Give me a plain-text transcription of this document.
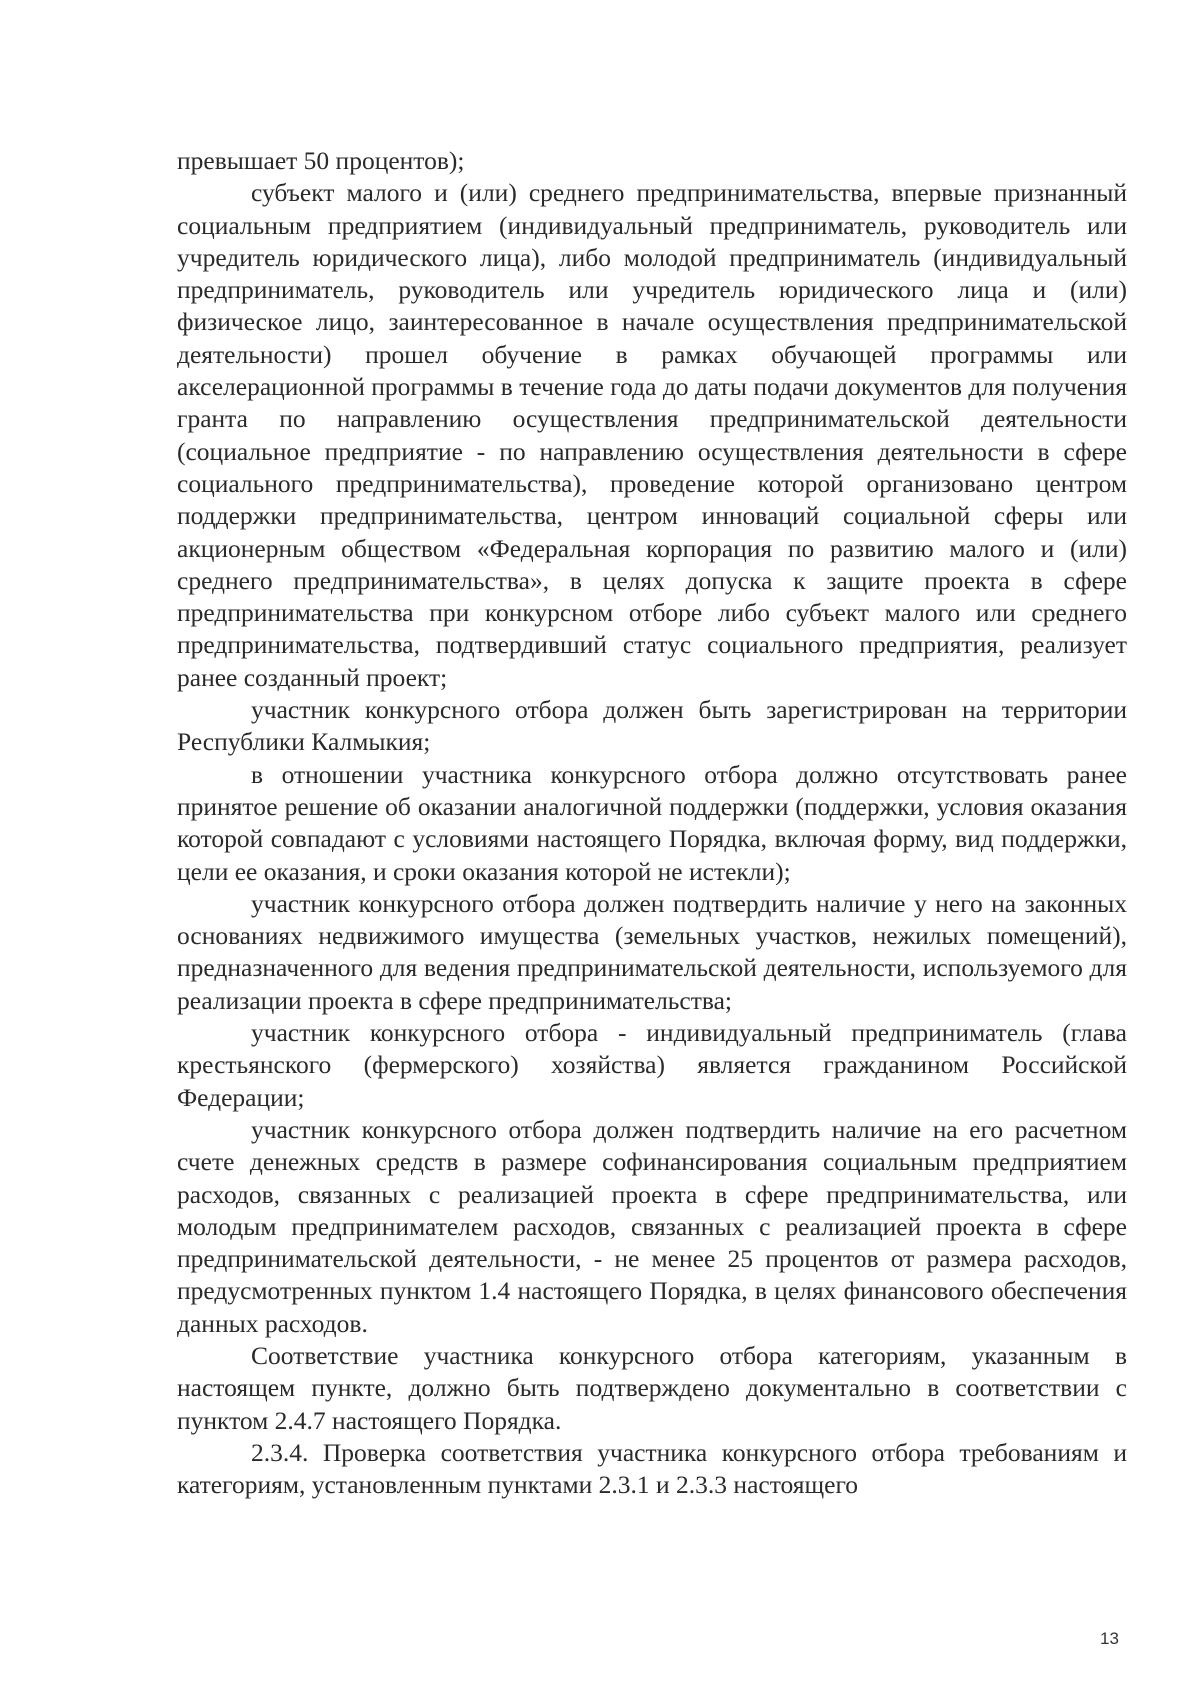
превышает 50 процентов);

субъект малого и (или) среднего предпринимательства, впервые признанный социальным предприятием (индивидуальный предприниматель, руководитель или учредитель юридического лица), либо молодой предприниматель (индивидуальный предприниматель, руководитель или учредитель юридического лица и (или) физическое лицо, заинтересованное в начале осуществления предпринимательской деятельности) прошел обучение в рамках обучающей программы или акселерационной программы в течение года до даты подачи документов для получения гранта по направлению осуществления предпринимательской деятельности (социальное предприятие - по направлению осуществления деятельности в сфере социального предпринимательства), проведение которой организовано центром поддержки предпринимательства, центром инноваций социальной сферы или акционерным обществом «Федеральная корпорация по развитию малого и (или) среднего предпринимательства», в целях допуска к защите проекта в сфере предпринимательства при конкурсном отборе либо субъект малого или среднего предпринимательства, подтвердивший статус социального предприятия, реализует ранее созданный проект;

участник конкурсного отбора должен быть зарегистрирован на территории Республики Калмыкия;

в отношении участника конкурсного отбора должно отсутствовать ранее принятое решение об оказании аналогичной поддержки (поддержки, условия оказания которой совпадают с условиями настоящего Порядка, включая форму, вид поддержки, цели ее оказания, и сроки оказания которой не истекли);

участник конкурсного отбора должен подтвердить наличие у него на законных основаниях недвижимого имущества (земельных участков, нежилых помещений), предназначенного для ведения предпринимательской деятельности, используемого для реализации проекта в сфере предпринимательства;

участник конкурсного отбора - индивидуальный предприниматель (глава крестьянского (фермерского) хозяйства) является гражданином Российской Федерации;

участник конкурсного отбора должен подтвердить наличие на его расчетном счете денежных средств в размере софинансирования социальным предприятием расходов, связанных с реализацией проекта в сфере предпринимательства, или молодым предпринимателем расходов, связанных с реализацией проекта в сфере предпринимательской деятельности, - не менее 25 процентов от размера расходов, предусмотренных пунктом 1.4 настоящего Порядка, в целях финансового обеспечения данных расходов.

Соответствие участника конкурсного отбора категориям, указанным в настоящем пункте, должно быть подтверждено документально в соответствии с пунктом 2.4.7 настоящего Порядка.

2.3.4. Проверка соответствия участника конкурсного отбора требованиям и категориям, установленным пунктами 2.3.1 и 2.3.3 настоящего

13
